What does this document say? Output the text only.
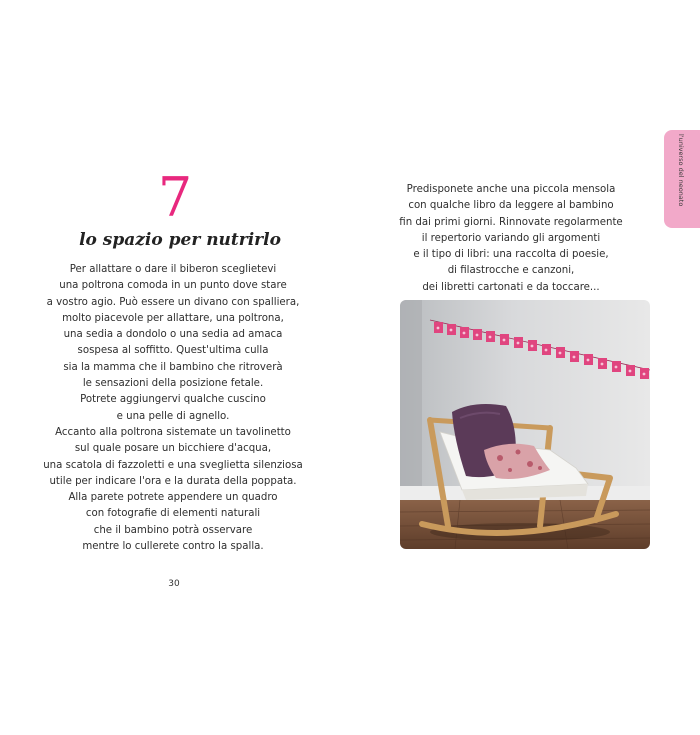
l'universo del neonato
7
lo spazio per nutrirlo
Per allattare o dare il biberon sceglietevi
una poltrona comoda in un punto dove stare
a vostro agio. Può essere un divano con spalliera,
molto piacevole per allattare, una poltrona,
una sedia a dondolo o una sedia ad amaca
sospesa al soffitto. Quest'ultima culla
sia la mamma che il bambino che ritroverà
le sensazioni della posizione fetale.
Potrete aggiungervi qualche cuscino
e una pelle di agnello.
Accanto alla poltrona sistemate un tavolinetto
sul quale posare un bicchiere d'acqua,
una scatola di fazzoletti e una sveglietta silenziosa
utile per indicare l'ora e la durata della poppata.
Alla parete potrete appendere un quadro
con fotografie di elementi naturali
che il bambino potrà osservare
mentre lo cullerete contro la spalla.
30
Predisponete anche una piccola mensola
con qualche libro da leggere al bambino
fin dai primi giorni. Rinnovate regolarmente
il repertorio variando gli argomenti
e il tipo di libri: una raccolta di poesie,
di filastrocche e canzoni,
dei libretti cartonati e da toccare...
